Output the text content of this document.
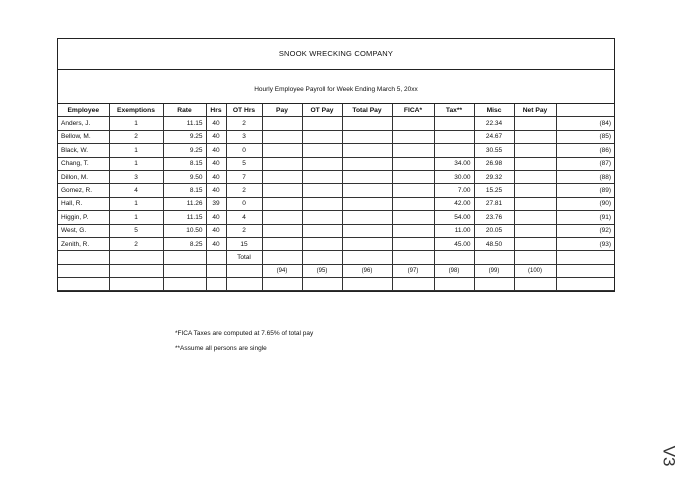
SNOOK WRECKING COMPANY
Hourly Employee Payroll for Week Ending March 5, 20xx
Employee	Exemptions	Rate	Hrs	OT Hrs	Pay	OT Pay	Total Pay	FICA*	Tax**	Misc	Net Pay	
Anders, J.	1	11.15	40	2						22.34		(84)
Bellow, M.	2	9.25	40	3						24.67		(85)
Black, W.	1	9.25	40	0						30.55		(86)
Chang, T.	1	8.15	40	5					34.00	26.98		(87)
Dillon, M.	3	9.50	40	7					30.00	29.32		(88)
Gomez, R.	4	8.15	40	2					7.00	15.25		(89)
Hall, R.	1	11.26	39	0					42.00	27.81		(90)
Higgin, P.	1	11.15	40	4					54.00	23.76		(91)
West, G.	5	10.50	40	2					11.00	20.05		(92)
Zenith, R.	2	8.25	40	15					45.00	48.50		(93)
				Total								
					(94)	(95)	(96)	(97)	(98)	(99)	(100)	

*FICA Taxes are computed at 7.65% of total pay
**Assume all persons are single
V3
